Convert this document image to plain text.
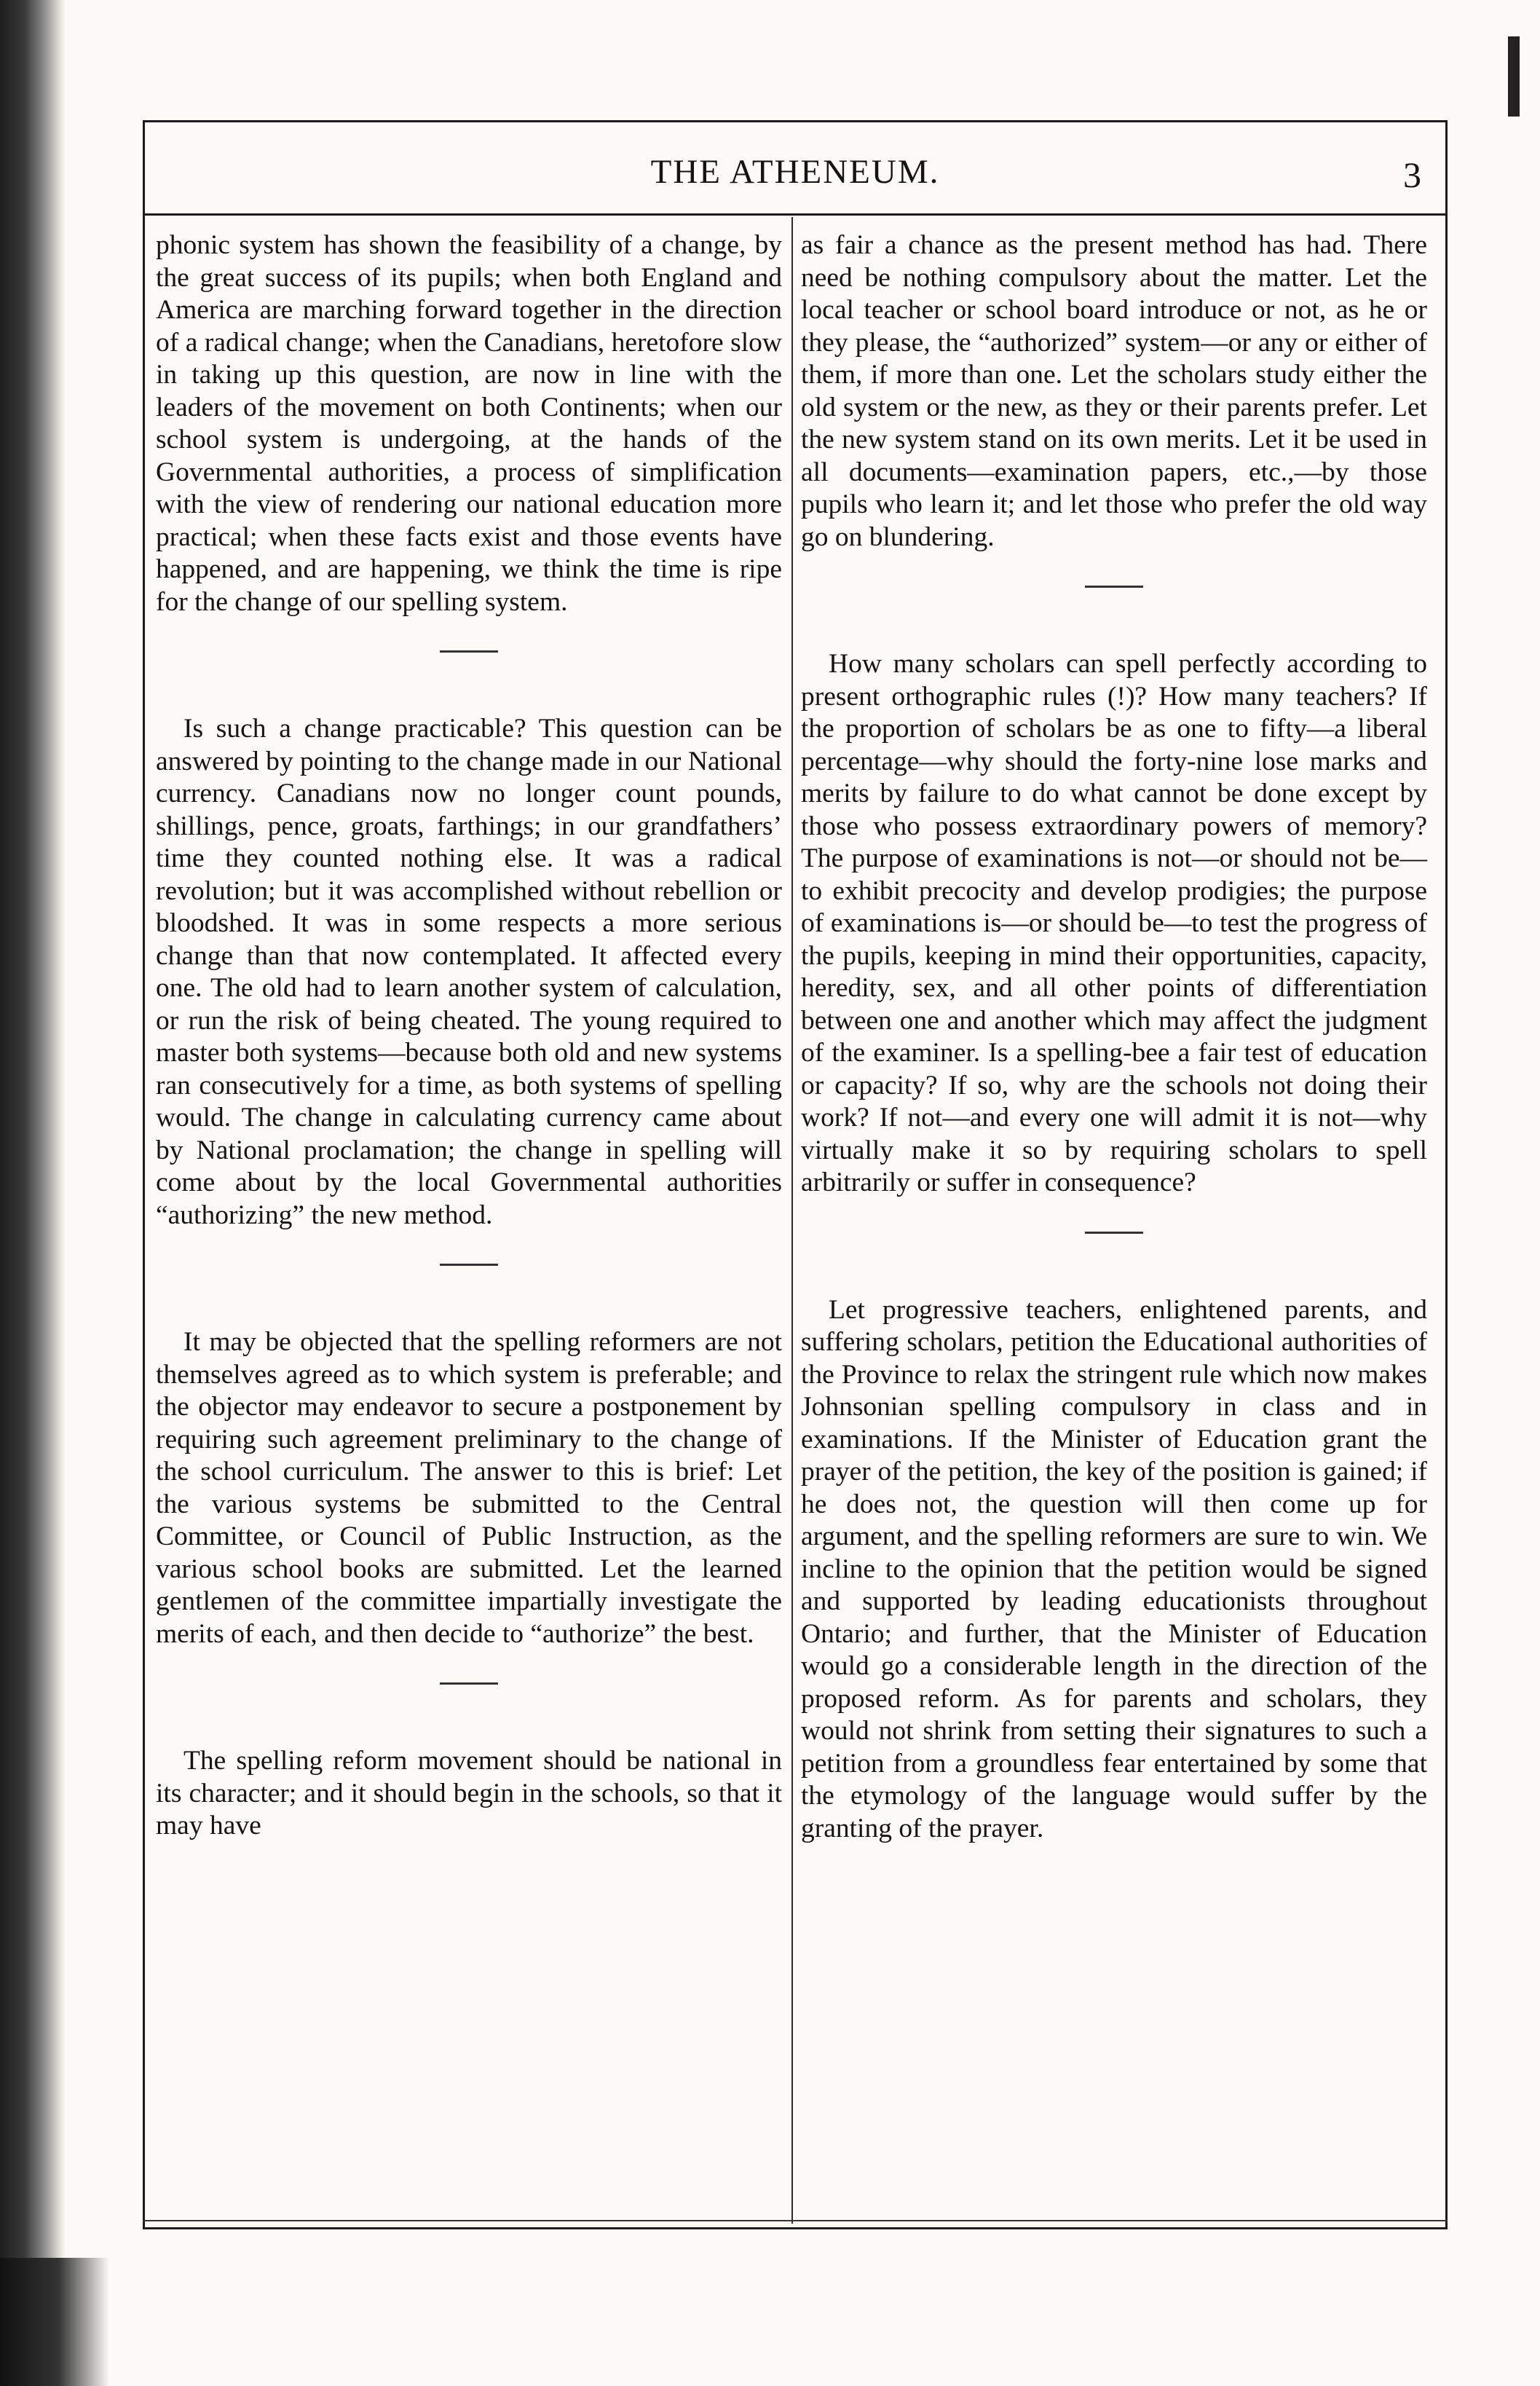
THE ATHENEUM.	3

phonic system has shown the feasibility of a change, by the great success of its pupils; when both England and America are marching forward together in the direction of a radical change; when the Canadians, heretofore slow in taking up this question, are now in line with the leaders of the movement on both Continents; when our school system is undergoing, at the hands of the Governmental authorities, a process of simplification with the view of rendering our national education more practical; when these facts exist and those events have happened, and are happening, we think the time is ripe for the change of our spelling system.

Is such a change practicable? This question can be answered by pointing to the change made in our National currency. Canadians now no longer count pounds, shillings, pence, groats, farthings; in our grandfathers’ time they counted nothing else. It was a radical revolution; but it was accomplished without rebellion or bloodshed. It was in some respects a more serious change than that now contemplated. It affected every one. The old had to learn another system of calculation, or run the risk of being cheated. The young required to master both systems—because both old and new systems ran consecutively for a time, as both systems of spelling would. The change in calculating currency came about by National proclamation; the change in spelling will come about by the local Governmental authorities “authorizing” the new method.

It may be objected that the spelling reformers are not themselves agreed as to which system is preferable; and the objector may endeavor to secure a postponement by requiring such agreement preliminary to the change of the school curriculum. The answer to this is brief: Let the various systems be submitted to the Central Committee, or Council of Public Instruction, as the various school books are submitted. Let the learned gentlemen of the committee impartially investigate the merits of each, and then decide to “authorize” the best.

The spelling reform movement should be national in its character; and it should begin in the schools, so that it may have

as fair a chance as the present method has had. There need be nothing compulsory about the matter. Let the local teacher or school board introduce or not, as he or they please, the “authorized” system—or any or either of them, if more than one. Let the scholars study either the old system or the new, as they or their parents prefer. Let the new system stand on its own merits. Let it be used in all documents—examination papers, etc.,—by those pupils who learn it; and let those who prefer the old way go on blundering.

How many scholars can spell perfectly according to present orthographic rules (!)? How many teachers? If the proportion of scholars be as one to fifty—a liberal percentage—why should the forty-nine lose marks and merits by failure to do what cannot be done except by those who possess extraordinary powers of memory? The purpose of examinations is not—or should not be—to exhibit precocity and develop prodigies; the purpose of examinations is—or should be—to test the progress of the pupils, keeping in mind their opportunities, capacity, heredity, sex, and all other points of differentiation between one and another which may affect the judgment of the examiner. Is a spelling-bee a fair test of education or capacity? If so, why are the schools not doing their work? If not—and every one will admit it is not—why virtually make it so by requiring scholars to spell arbitrarily or suffer in consequence?

Let progressive teachers, enlightened parents, and suffering scholars, petition the Educational authorities of the Province to relax the stringent rule which now makes Johnsonian spelling compulsory in class and in examinations. If the Minister of Education grant the prayer of the petition, the key of the position is gained; if he does not, the question will then come up for argument, and the spelling reformers are sure to win. We incline to the opinion that the petition would be signed and supported by leading educationists throughout Ontario; and further, that the Minister of Education would go a considerable length in the direction of the proposed reform. As for parents and scholars, they would not shrink from setting their signatures to such a petition from a groundless fear entertained by some that the etymology of the language would suffer by the granting of the prayer.
